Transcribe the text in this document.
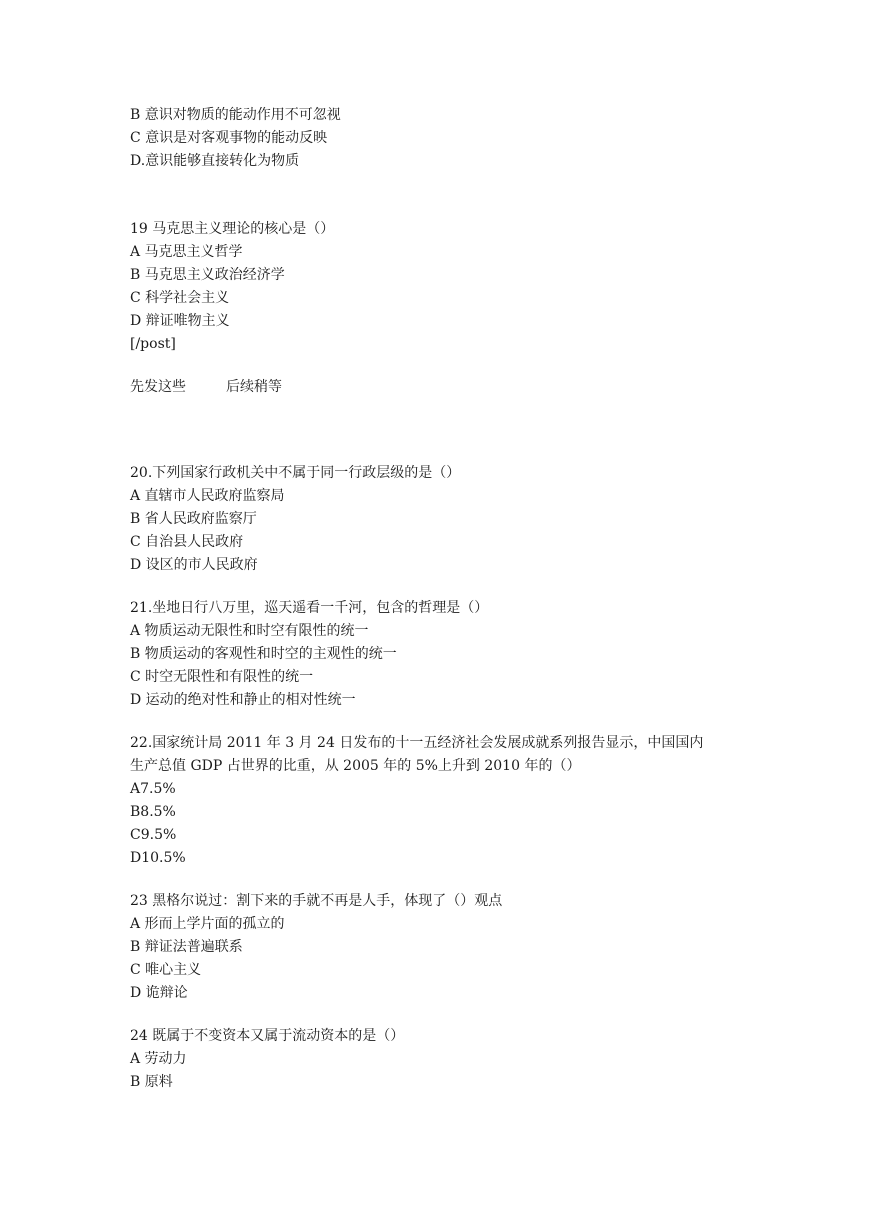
B 意识对物质的能动作用不可忽视

C 意识是对客观事物的能动反映

D.意识能够直接转化为物质

19 马克思主义理论的核心是（）

A 马克思主义哲学

B 马克思主义政治经济学

C 科学社会主义

D 辩证唯物主义

[/post]

先发这些	后续稍等

20.下列国家行政机关中不属于同一行政层级的是（）

A 直辖市人民政府监察局

B 省人民政府监察厅

C 自治县人民政府

D 设区的市人民政府

21.坐地日行八万里，巡天遥看一千河，包含的哲理是（）

A 物质运动无限性和时空有限性的统一

B 物质运动的客观性和时空的主观性的统一

C 时空无限性和有限性的统一

D 运动的绝对性和静止的相对性统一

22.国家统计局 2011 年 3 月 24 日发布的十一五经济社会发展成就系列报告显示，中国国内

生产总值 GDP 占世界的比重，从 2005 年的 5%上升到 2010 年的（）

A7.5%

B8.5%

C9.5%

D10.5%

23 黑格尔说过：割下来的手就不再是人手，体现了（）观点

A 形而上学片面的孤立的

B 辩证法普遍联系

C 唯心主义

D 诡辩论

24 既属于不变资本又属于流动资本的是（）

A 劳动力

B 原料
